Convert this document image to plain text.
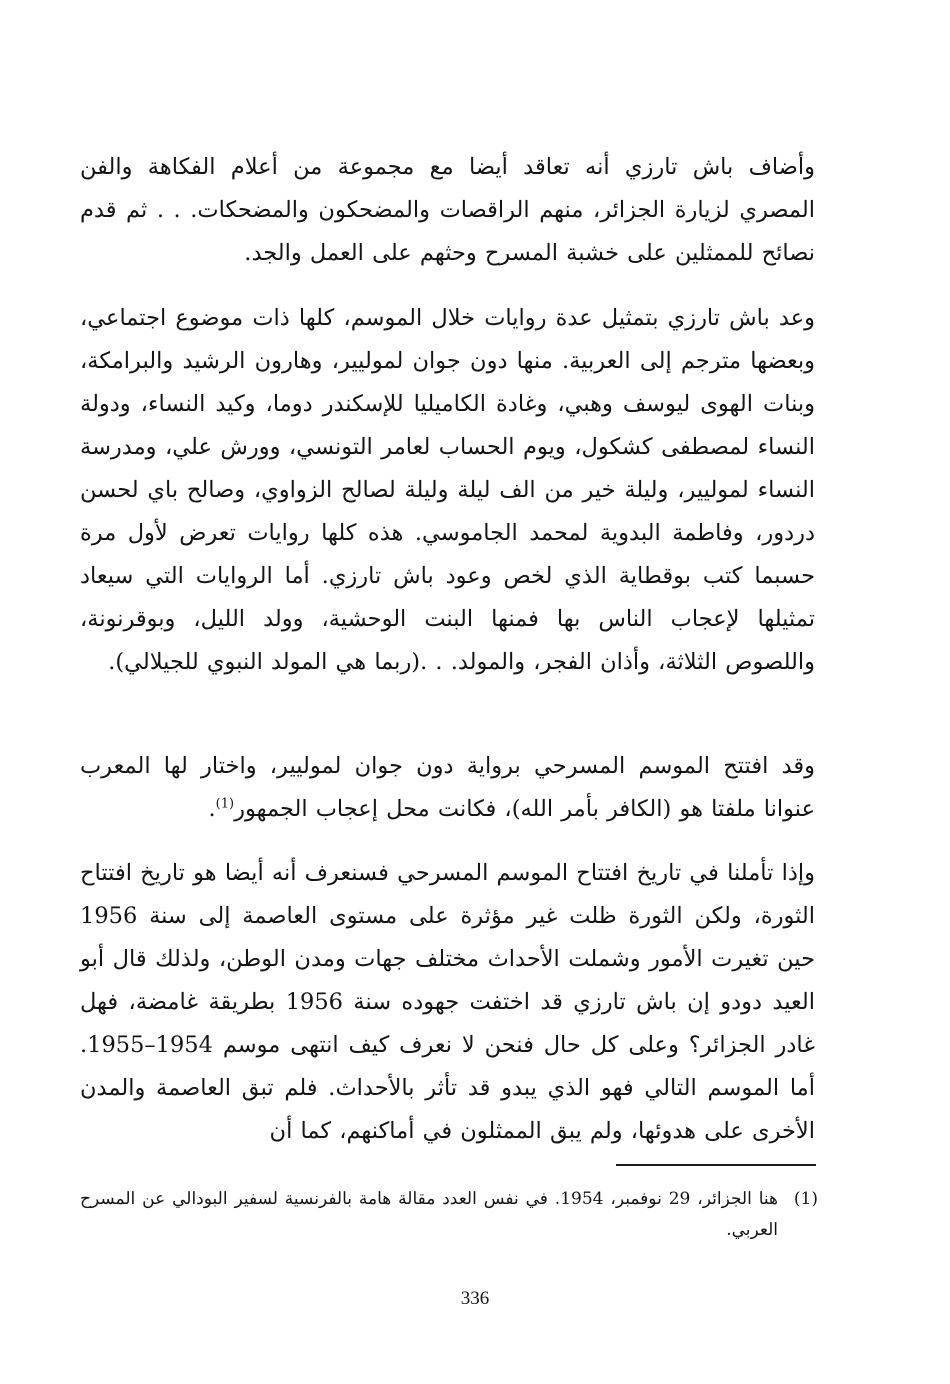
وأضاف باش تارزي أنه تعاقد أيضا مع مجموعة من أعلام الفكاهة والفن المصري لزيارة الجزائر، منهم الراقصات والمضحكون والمضحكات. . . ثم قدم نصائح للممثلين على خشبة المسرح وحثهم على العمل والجد.

وعد باش تارزي بتمثيل عدة روايات خلال الموسم، كلها ذات موضوع اجتماعي، وبعضها مترجم إلى العربية. منها دون جوان لموليير، وهارون الرشيد والبرامكة، وبنات الهوى ليوسف وهبي، وغادة الكاميليا للإسكندر دوما، وكيد النساء، ودولة النساء لمصطفى كشكول، ويوم الحساب لعامر التونسي، وورش علي، ومدرسة النساء لموليير، وليلة خير من الف ليلة وليلة لصالح الزواوي، وصالح باي لحسن دردور، وفاطمة البدوية لمحمد الجاموسي. هذه كلها روايات تعرض لأول مرة حسبما كتب بوقطاية الذي لخص وعود باش تارزي. أما الروايات التي سيعاد تمثيلها لإعجاب الناس بها فمنها البنت الوحشية، وولد الليل، وبوقرنونة، واللصوص الثلاثة، وأذان الفجر، والمولد. . .(ربما هي المولد النبوي للجيلالي).

وقد افتتح الموسم المسرحي برواية دون جوان لموليير، واختار لها المعرب عنوانا ملفتا هو (الكافر بأمر الله)، فكانت محل إعجاب الجمهور$^{(1)}$.

وإذا تأملنا في تاريخ افتتاح الموسم المسرحي فسنعرف أنه أيضا هو تاريخ افتتاح الثورة، ولكن الثورة ظلت غير مؤثرة على مستوى العاصمة إلى سنة 1956 حين تغيرت الأمور وشملت الأحداث مختلف جهات ومدن الوطن، ولذلك قال أبو العيد دودو إن باش تارزي قد اختفت جهوده سنة 1956 بطريقة غامضة، فهل غادر الجزائر؟ وعلى كل حال فنحن لا نعرف كيف انتهى موسم 1954–1955. أما الموسم التالي فهو الذي يبدو قد تأثر بالأحداث. فلم تبق العاصمة والمدن الأخرى على هدوئها، ولم يبق الممثلون في أماكنهم، كما أن

(1)
هنا الجزائر، 29 نوفمبر، 1954. في نفس العدد مقالة هامة بالفرنسية لسفير البودالي عن المسرح العربي.
336
